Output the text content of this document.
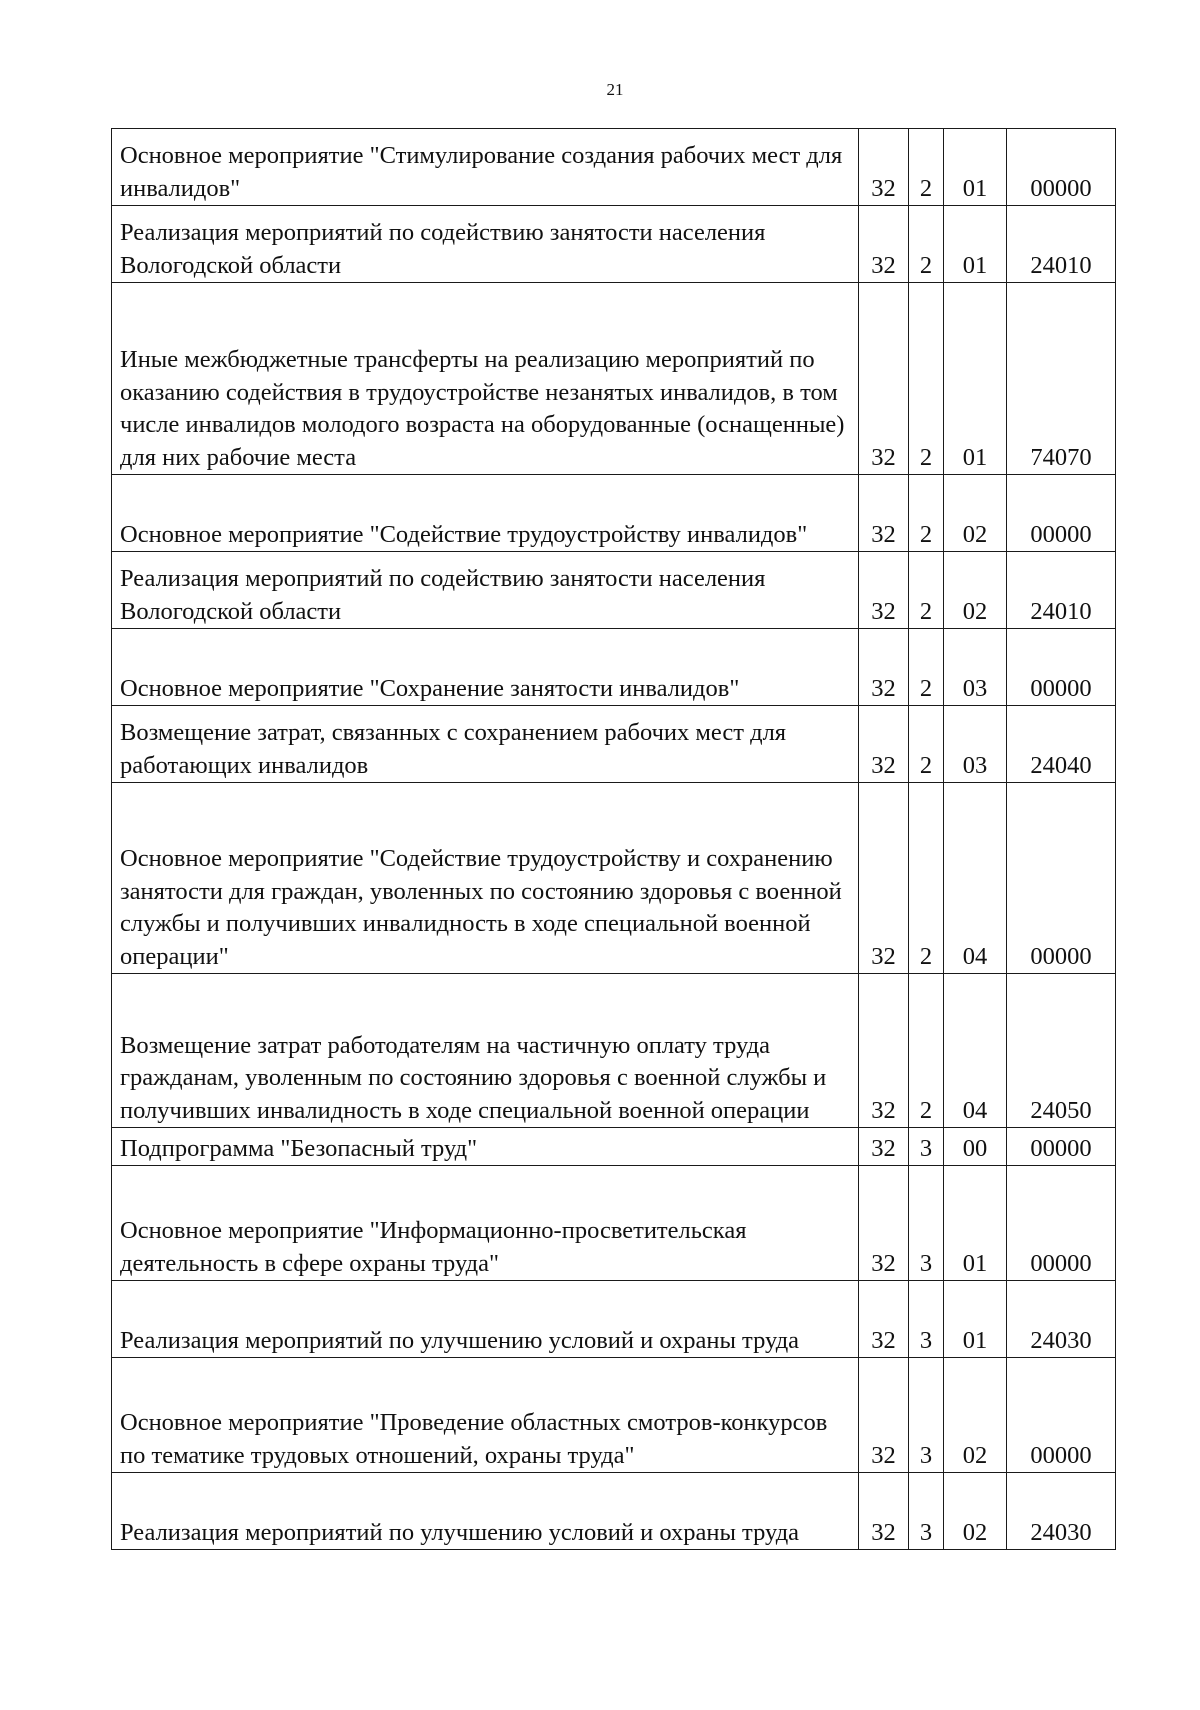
21
Основное мероприятие "Стимулирование создания рабочих мест для инвалидов"	32	2	01	00000
Реализация мероприятий по содействию занятости населения Вологодской области	32	2	01	24010
Иные межбюджетные трансферты на реализацию мероприятий по оказанию содействия в трудоустройстве незанятых инвалидов, в том числе инвалидов молодого возраста на оборудованные (оснащенные) для них рабочие места	32	2	01	74070
Основное мероприятие "Содействие трудоустройству инвалидов"	32	2	02	00000
Реализация мероприятий по содействию занятости населения Вологодской области	32	2	02	24010
Основное мероприятие "Сохранение занятости инвалидов"	32	2	03	00000
Возмещение затрат, связанных с сохранением рабочих мест для работающих инвалидов	32	2	03	24040
Основное мероприятие "Содействие трудоустройству и сохранению занятости для граждан, уволенных по состоянию здоровья с военной службы и получивших инвалидность в ходе специальной военной операции"	32	2	04	00000
Возмещение затрат работодателям на частичную оплату труда гражданам, уволенным по состоянию здоровья с военной службы и получивших инвалидность в ходе специальной военной операции	32	2	04	24050
Подпрограмма "Безопасный труд"	32	3	00	00000
Основное мероприятие "Информационно-просветительская деятельность в сфере охраны труда"	32	3	01	00000
Реализация мероприятий по улучшению условий и охраны труда	32	3	01	24030
Основное мероприятие "Проведение областных смотров-конкурсов по тематике трудовых отношений, охраны труда"	32	3	02	00000
Реализация мероприятий по улучшению условий и охраны труда	32	3	02	24030
